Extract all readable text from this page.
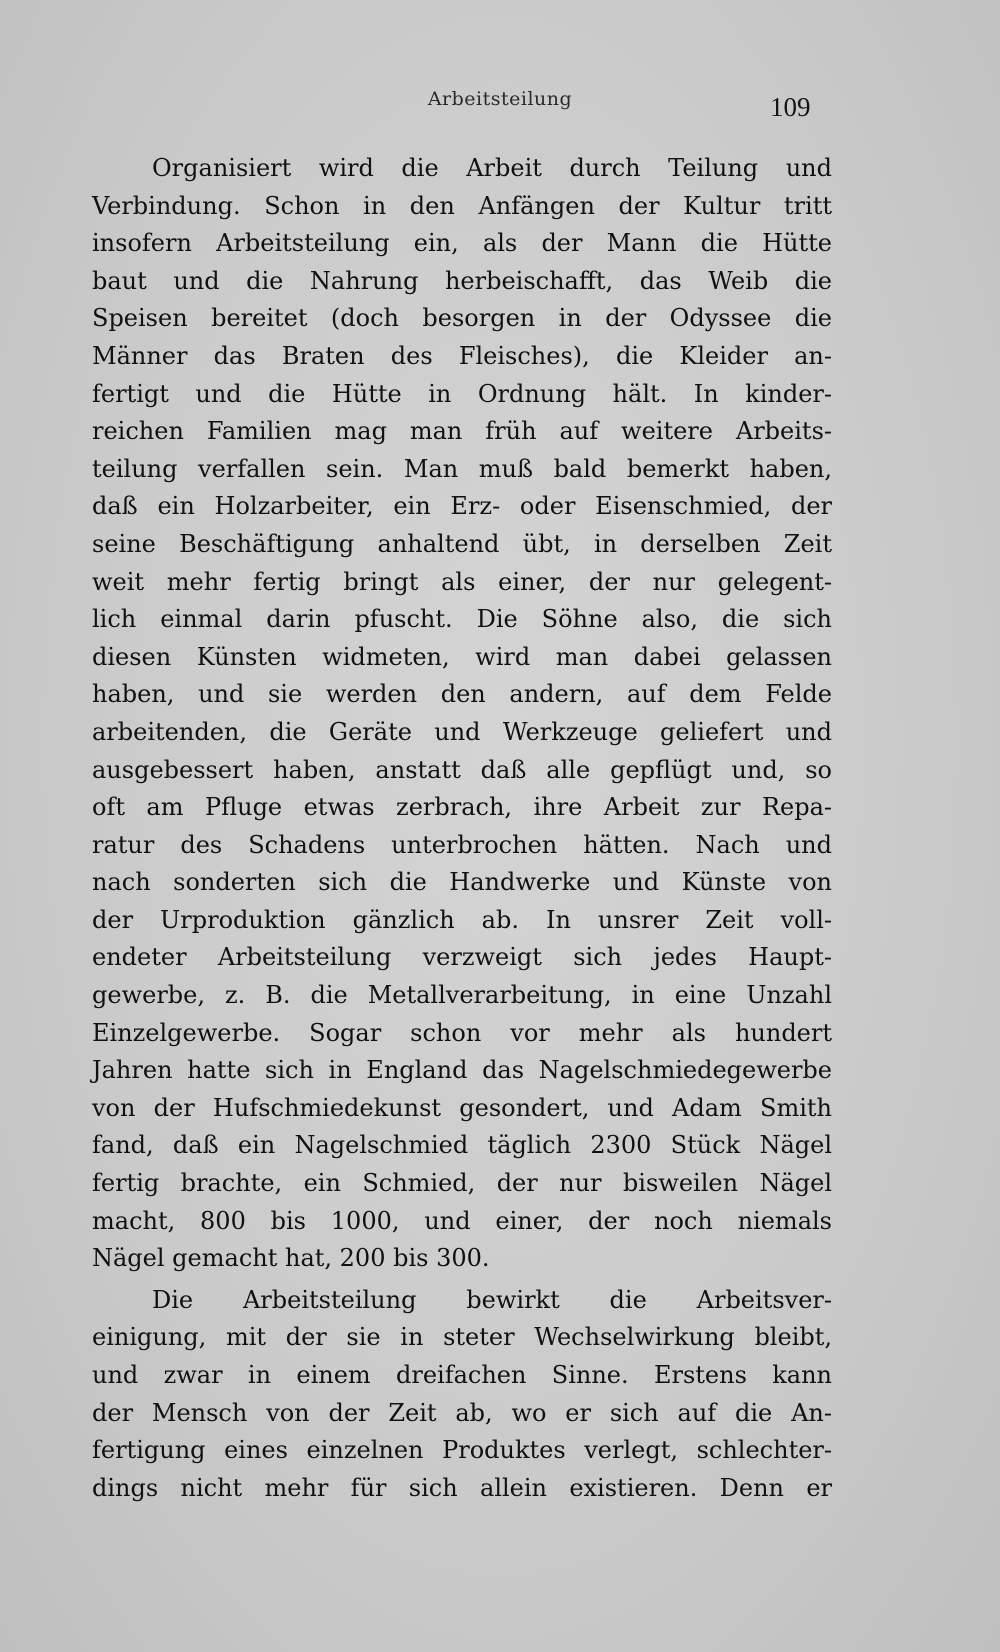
Arbeitsteilung	109
Organisiert wird die Arbeit durch Teilung und
Verbindung. Schon in den Anfängen der Kultur tritt
insofern Arbeitsteilung ein, als der Mann die Hütte
baut und die Nahrung herbeischafft, das Weib die
Speisen bereitet (doch besorgen in der Odyssee die
Männer das Braten des Fleisches), die Kleider an-
fertigt und die Hütte in Ordnung hält. In kinder-
reichen Familien mag man früh auf weitere Arbeits-
teilung verfallen sein. Man muß bald bemerkt haben,
daß ein Holzarbeiter, ein Erz- oder Eisenschmied, der
seine Beschäftigung anhaltend übt, in derselben Zeit
weit mehr fertig bringt als einer, der nur gelegent-
lich einmal darin pfuscht. Die Söhne also, die sich
diesen Künsten widmeten, wird man dabei gelassen
haben, und sie werden den andern, auf dem Felde
arbeitenden, die Geräte und Werkzeuge geliefert und
ausgebessert haben, anstatt daß alle gepflügt und, so
oft am Pfluge etwas zerbrach, ihre Arbeit zur Repa-
ratur des Schadens unterbrochen hätten. Nach und
nach sonderten sich die Handwerke und Künste von
der Urproduktion gänzlich ab. In unsrer Zeit voll-
endeter Arbeitsteilung verzweigt sich jedes Haupt-
gewerbe, z. B. die Metallverarbeitung, in eine Unzahl
Einzelgewerbe. Sogar schon vor mehr als hundert
Jahren hatte sich in England das Nagelschmiedegewerbe
von der Hufschmiedekunst gesondert, und Adam Smith
fand, daß ein Nagelschmied täglich 2300 Stück Nägel
fertig brachte, ein Schmied, der nur bisweilen Nägel
macht, 800 bis 1000, und einer, der noch niemals
Nägel gemacht hat, 200 bis 300.
Die Arbeitsteilung bewirkt die Arbeitsver-
einigung, mit der sie in steter Wechselwirkung bleibt,
und zwar in einem dreifachen Sinne. Erstens kann
der Mensch von der Zeit ab, wo er sich auf die An-
fertigung eines einzelnen Produktes verlegt, schlechter-
dings nicht mehr für sich allein existieren. Denn er
